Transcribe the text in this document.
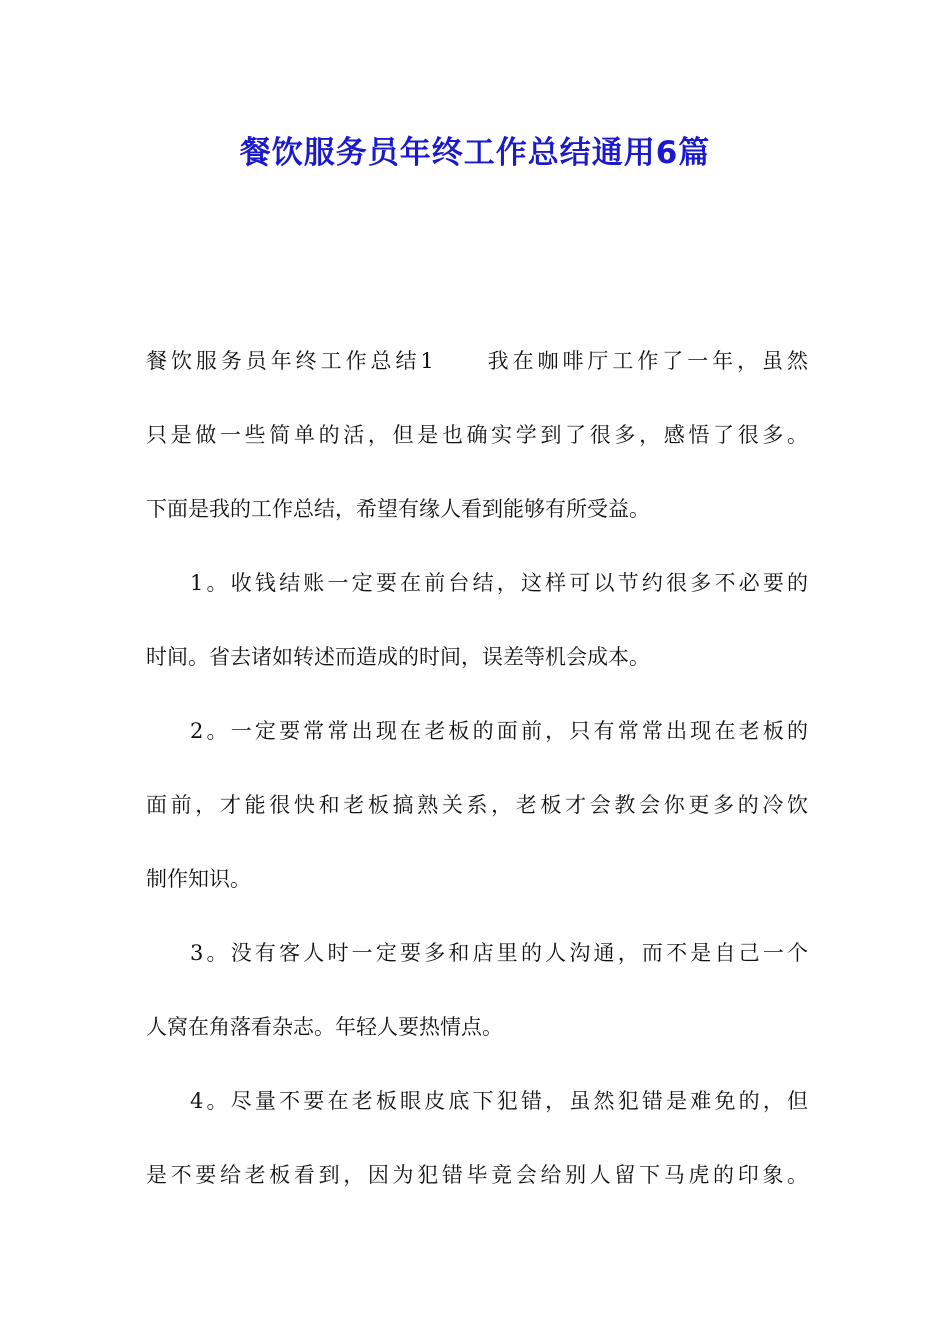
餐饮服务员年终工作总结通用6篇

餐饮服务员年终工作总结1　　我在咖啡厅工作了一年，虽然

只是做一些简单的活，但是也确实学到了很多，感悟了很多。

下面是我的工作总结，希望有缘人看到能够有所受益。

1。收钱结账一定要在前台结，这样可以节约很多不必要的

时间。省去诸如转述而造成的时间，误差等机会成本。

2。一定要常常出现在老板的面前，只有常常出现在老板的

面前，才能很快和老板搞熟关系，老板才会教会你更多的冷饮

制作知识。

3。没有客人时一定要多和店里的人沟通，而不是自己一个

人窝在角落看杂志。年轻人要热情点。

4。尽量不要在老板眼皮底下犯错，虽然犯错是难免的，但

是不要给老板看到，因为犯错毕竟会给别人留下马虎的印象。
